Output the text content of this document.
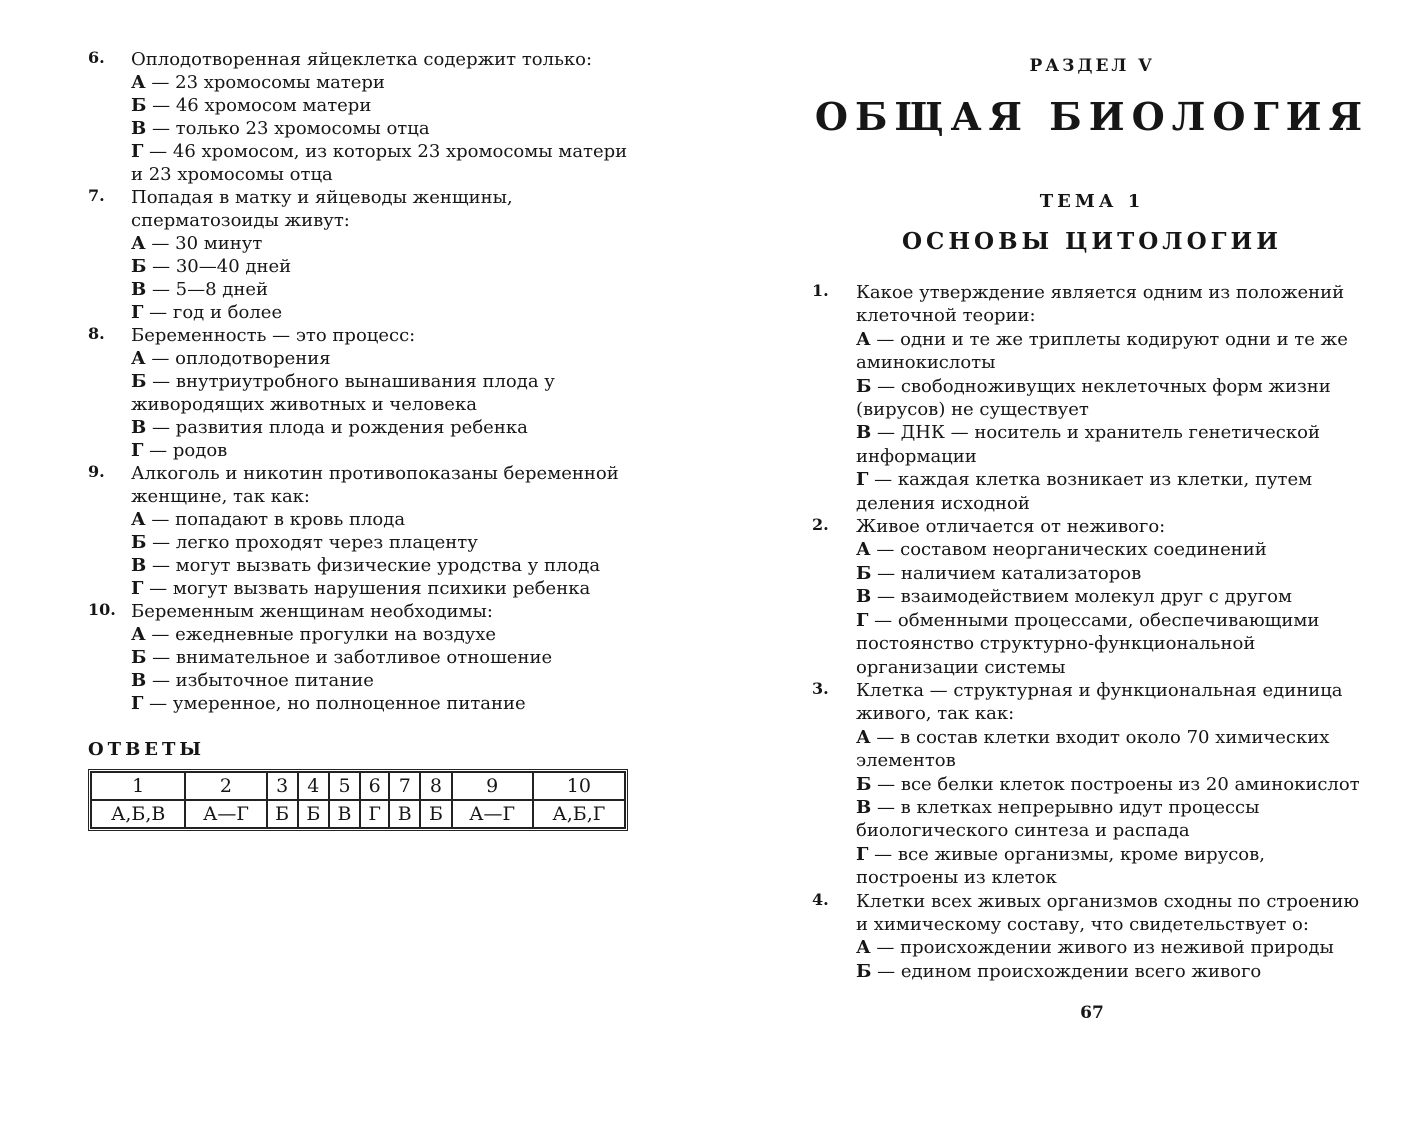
6. Оплодотворенная яйцеклетка содержит только:
А — 23 хромосомы матери
Б — 46 хромосом матери
В — только 23 хромосомы отца
Г — 46 хромосом, из которых 23 хромосомы матери и 23 хромосомы отца
7. Попадая в матку и яйцеводы женщины, сперматозоиды живут:
А — 30 минут
Б — 30—40 дней
В — 5—8 дней
Г — год и более
8. Беременность — это процесс:
А — оплодотворения
Б — внутриутробного вынашивания плода у живородящих животных и человека
В — развития плода и рождения ребенка
Г — родов
9. Алкоголь и никотин противопоказаны беременной женщине, так как:
А — попадают в кровь плода
Б — легко проходят через плаценту
В — могут вызвать физические уродства у плода
Г — могут вызвать нарушения психики ребенка
10. Беременным женщинам необходимы:
А — ежедневные прогулки на воздухе
Б — внимательное и заботливое отношение
В — избыточное питание
Г — умеренное, но полноценное питание
ОТВЕТЫ
1	2	3	4	5	6	7	8	9	10
А,Б,В	А—Г	Б	Б	В	Г	В	Б	А—Г	А,Б,Г
РАЗДЕЛ V
ОБЩАЯ БИОЛОГИЯ
ТЕМА 1
ОСНОВЫ ЦИТОЛОГИИ
1. Какое утверждение является одним из положений клеточной теории:
А — одни и те же триплеты кодируют одни и те же аминокислоты
Б — свободноживущих неклеточных форм жизни (вирусов) не существует
В — ДНК — носитель и хранитель генетической информации
Г — каждая клетка возникает из клетки, путем деления исходной
2. Живое отличается от неживого:
А — составом неорганических соединений
Б — наличием катализаторов
В — взаимодействием молекул друг с другом
Г — обменными процессами, обеспечивающими постоянство структурно-функциональной организации системы
3. Клетка — структурная и функциональная единица живого, так как:
А — в состав клетки входит около 70 химических элементов
Б — все белки клеток построены из 20 аминокислот
В — в клетках непрерывно идут процессы биологического синтеза и распада
Г — все живые организмы, кроме вирусов, построены из клеток
4. Клетки всех живых организмов сходны по строению и химическому составу, что свидетельствует о:
А — происхождении живого из неживой природы
Б — едином происхождении всего живого
67
